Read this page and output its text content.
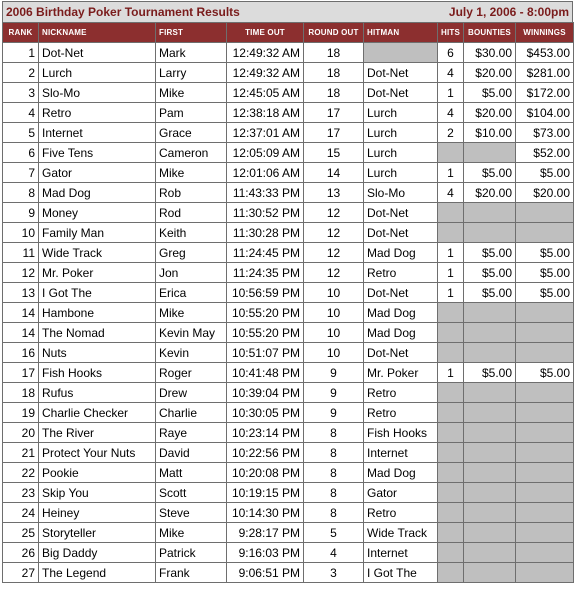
2006 Birthday Poker Tournament Results	July 1, 2006 - 8:00pm
RANK	NICKNAME	FIRST	TIME OUT	ROUND OUT	HITMAN	HITS	BOUNTIES	WINNINGS
1	Dot-Net	Mark	12:49:32 AM	18		6	$30.00	$453.00
2	Lurch	Larry	12:49:32 AM	18	Dot-Net	4	$20.00	$281.00
3	Slo-Mo	Mike	12:45:05 AM	18	Dot-Net	1	$5.00	$172.00
4	Retro	Pam	12:38:18 AM	17	Lurch	4	$20.00	$104.00
5	Internet	Grace	12:37:01 AM	17	Lurch	2	$10.00	$73.00
6	Five Tens	Cameron	12:05:09 AM	15	Lurch			$52.00
7	Gator	Mike	12:01:06 AM	14	Lurch	1	$5.00	$5.00
8	Mad Dog	Rob	11:43:33 PM	13	Slo-Mo	4	$20.00	$20.00
9	Money	Rod	11:30:52 PM	12	Dot-Net			
10	Family Man	Keith	11:30:28 PM	12	Dot-Net			
11	Wide Track	Greg	11:24:45 PM	12	Mad Dog	1	$5.00	$5.00
12	Mr. Poker	Jon	11:24:35 PM	12	Retro	1	$5.00	$5.00
13	I Got The	Erica	10:56:59 PM	10	Dot-Net	1	$5.00	$5.00
14	Hambone	Mike	10:55:20 PM	10	Mad Dog			
14	The Nomad	Kevin May	10:55:20 PM	10	Mad Dog			
16	Nuts	Kevin	10:51:07 PM	10	Dot-Net			
17	Fish Hooks	Roger	10:41:48 PM	9	Mr. Poker	1	$5.00	$5.00
18	Rufus	Drew	10:39:04 PM	9	Retro			
19	Charlie Checker	Charlie	10:30:05 PM	9	Retro			
20	The River	Raye	10:23:14 PM	8	Fish Hooks			
21	Protect Your Nuts	David	10:22:56 PM	8	Internet			
22	Pookie	Matt	10:20:08 PM	8	Mad Dog			
23	Skip You	Scott	10:19:15 PM	8	Gator			
24	Heiney	Steve	10:14:30 PM	8	Retro			
25	Storyteller	Mike	9:28:17 PM	5	Wide Track			
26	Big Daddy	Patrick	9:16:03 PM	4	Internet			
27	The Legend	Frank	9:06:51 PM	3	I Got The			
